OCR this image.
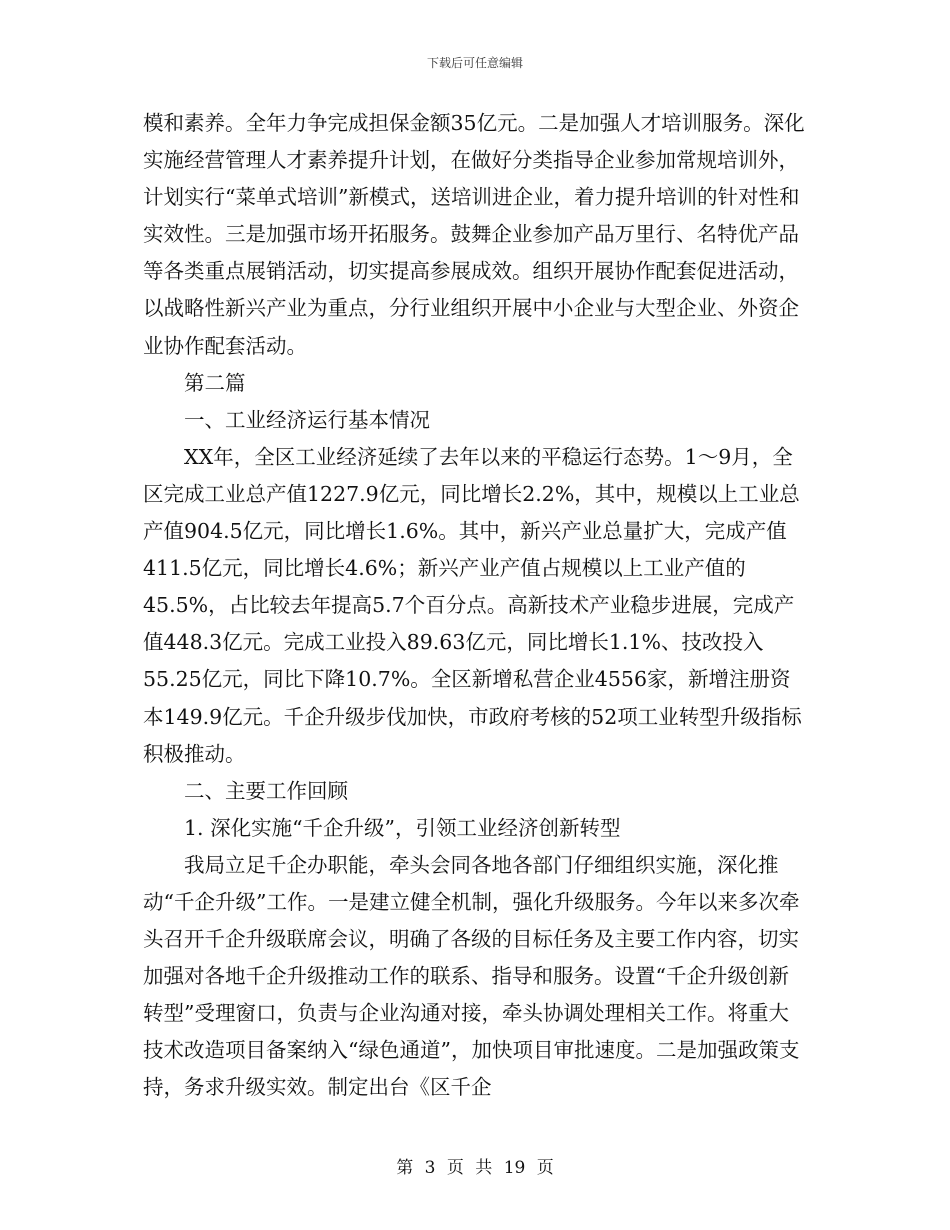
下载后可任意编辑

模和素养。全年力争完成担保金额35亿元。二是加强人才培训服务。深化实施经营管理人才素养提升计划，在做好分类指导企业参加常规培训外，计划实行“菜单式培训”新模式，送培训进企业，着力提升培训的针对性和实效性。三是加强市场开拓服务。鼓舞企业参加产品万里行、名特优产品等各类重点展销活动，切实提高参展成效。组织开展协作配套促进活动，以战略性新兴产业为重点，分行业组织开展中小企业与大型企业、外资企业协作配套活动。

第二篇

一、工业经济运行基本情况

XX年，全区工业经济延续了去年以来的平稳运行态势。1～9月，全区完成工业总产值1227.9亿元，同比增长2.2%，其中，规模以上工业总产值904.5亿元，同比增长1.6%。其中，新兴产业总量扩大，完成产值411.5亿元，同比增长4.6%；新兴产业产值占规模以上工业产值的45.5%，占比较去年提高5.7个百分点。高新技术产业稳步进展，完成产值448.3亿元。完成工业投入89.63亿元，同比增长1.1%、技改投入55.25亿元，同比下降10.7%。全区新增私营企业4556家，新增注册资本149.9亿元。千企升级步伐加快，市政府考核的52项工业转型升级指标积极推动。

二、主要工作回顾

1. 深化实施“千企升级”，引领工业经济创新转型

我局立足千企办职能，牵头会同各地各部门仔细组织实施，深化推动“千企升级”工作。一是建立健全机制，强化升级服务。今年以来多次牵头召开千企升级联席会议，明确了各级的目标任务及主要工作内容，切实加强对各地千企升级推动工作的联系、指导和服务。设置“千企升级创新转型”受理窗口，负责与企业沟通对接，牵头协调处理相关工作。将重大技术改造项目备案纳入“绿色通道”，加快项目审批速度。二是加强政策支持，务求升级实效。制定出台《区千企

第 3 页 共 19 页
